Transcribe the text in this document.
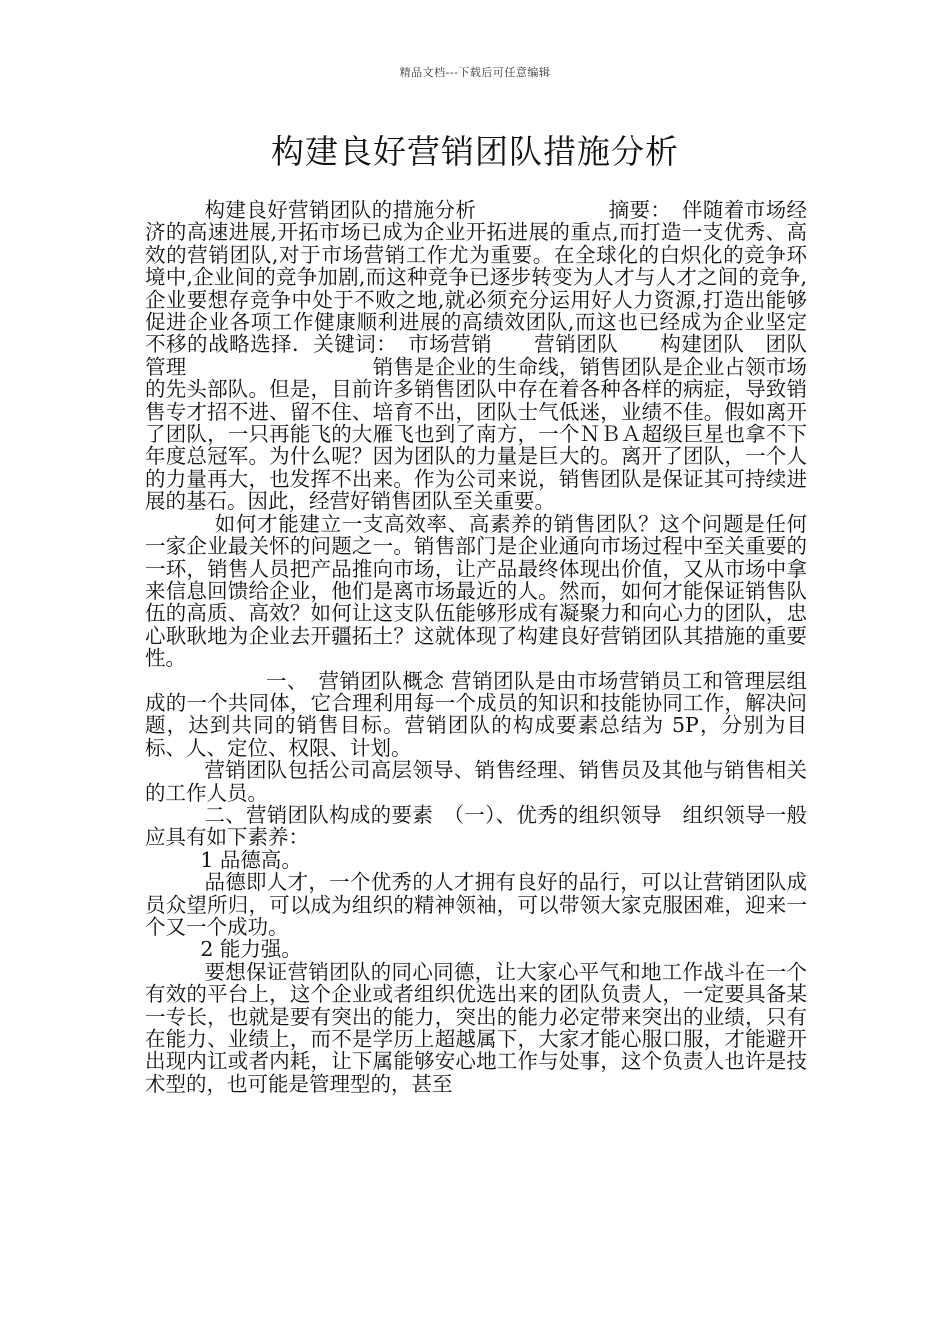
精品文档---下载后可任意编辑
构建良好营销团队措施分析

构建良好营销团队的措施分析　　　　　　 摘要：　伴随着市场经济的高速进展,开拓市场已成为企业开拓进展的重点,而打造一支优秀、高效的营销团队,对于市场营销工作尤为重要。在全球化的白炽化的竞争环境中,企业间的竞争加剧,而这种竞争已逐步转变为人才与人才之间的竞争,企业要想存竞争中处于不败之地,就必须充分运用好人力资源,打造出能够促进企业各项工作健康顺利进展的高绩效团队,而这也已经成为企业坚定不移的战略选择．关键词：　市场营销　　营销团队　　构建团队　团队管理　　　　　　　　　销售是企业的生命线，销售团队是企业占领市场的先头部队。但是，目前许多销售团队中存在着各种各样的病症，导致销售专才招不进、留不住、培育不出，团队士气低迷，业绩不佳。假如离开了团队，一只再能飞的大雁飞也到了南方，一个ＮＢＡ超级巨星也拿不下年度总冠军。为什么呢？因为团队的力量是巨大的。离开了团队，一个人的力量再大，也发挥不出来。作为公司来说，销售团队是保证其可持续进展的基石。因此，经营好销售团队至关重要。

如何才能建立一支高效率、高素养的销售团队？这个问题是任何一家企业最关怀的问题之一。销售部门是企业通向市场过程中至关重要的一环，销售人员把产品推向市场，让产品最终体现出价值，又从市场中拿来信息回馈给企业，他们是离市场最近的人。然而，如何才能保证销售队伍的高质、高效？如何让这支队伍能够形成有凝聚力和向心力的团队，忠心耿耿地为企业去开疆拓土？这就体现了构建良好营销团队其措施的重要性。

一、　营销团队概念 营销团队是由市场营销员工和管理层组成的一个共同体，它合理利用每一个成员的知识和技能协同工作，解决问题，达到共同的销售目标。营销团队的构成要素总结为 5P，分别为目标、人、定位、权限、计划。

营销团队包括公司高层领导、销售经理、销售员及其他与销售相关的工作人员。

二、营销团队构成的要素　（一）、优秀的组织领导　组织领导一般应具有如下素养：

1 品德高。

品德即人才，一个优秀的人才拥有良好的品行，可以让营销团队成员众望所归，可以成为组织的精神领袖，可以带领大家克服困难，迎来一个又一个成功。

2 能力强。

要想保证营销团队的同心同德，让大家心平气和地工作战斗在一个有效的平台上，这个企业或者组织优选出来的团队负责人，一定要具备某一专长，也就是要有突出的能力，突出的能力必定带来突出的业绩，只有在能力、业绩上，而不是学历上超越属下，大家才能心服口服，才能避开出现内讧或者内耗，让下属能够安心地工作与处事，这个负责人也许是技术型的，也可能是管理型的，甚至
